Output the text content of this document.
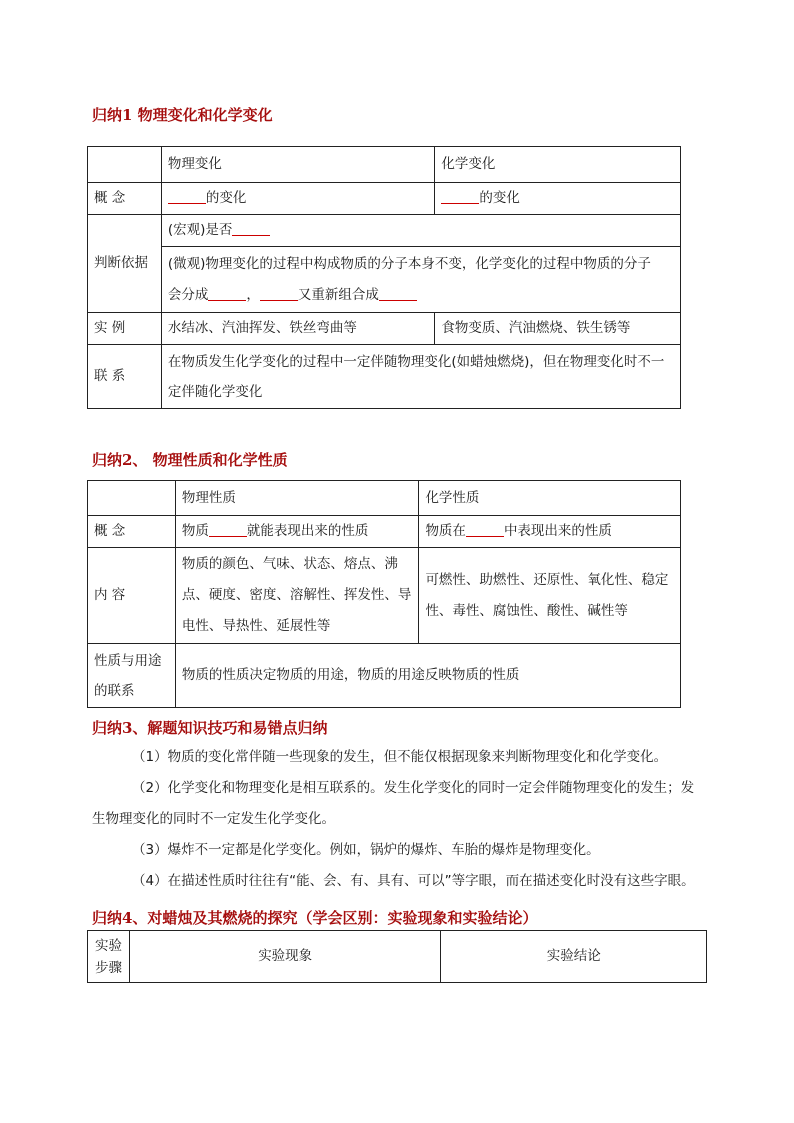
归纳1 物理变化和化学变化
	物理变化	化学变化
概 念	的变化	的变化
判断依据	(宏观)是否	

	(微观)物理变化的过程中构成物质的分子本身不变，化学变化的过程中物质的分子
会分成 ， 又重新组合成	

实 例	水结冰、汽油挥发、铁丝弯曲等	食物变质、汽油燃烧、铁生锈等
联 系	在物质发生化学变化的过程中一定伴随物理变化(如蜡烛燃烧)，但在物理变化时不一定伴随化学变化	
归纳2、 物理性质和化学性质
	物理性质	化学性质
概 念	物质 就能表现出来的性质	物质在 中表现出来的性质
内 容	物质的颜色、气味、状态、熔点、沸点、硬度、密度、溶解性、挥发性、导电性、导热性、延展性等	可燃性、助燃性、还原性、氧化性、稳定性、毒性、腐蚀性、酸性、碱性等
性质与用途的联系	物质的性质决定物质的用途，物质的用途反映物质的性质	
归纳3、解题知识技巧和易错点归纳
（1）物质的变化常伴随一些现象的发生，但不能仅根据现象来判断物理变化和化学变化。
（2）化学变化和物理变化是相互联系的。发生化学变化的同时一定会伴随物理变化的发生；发
生物理变化的同时不一定发生化学变化。
（3）爆炸不一定都是化学变化。例如，锅炉的爆炸、车胎的爆炸是物理变化。
（4）在描述性质时往往有“能、会、有、具有、可以”等字眼，而在描述变化时没有这些字眼。
归纳4、对蜡烛及其燃烧的探究（学会区别：实验现象和实验结论）
实验步骤	实验现象	实验结论
